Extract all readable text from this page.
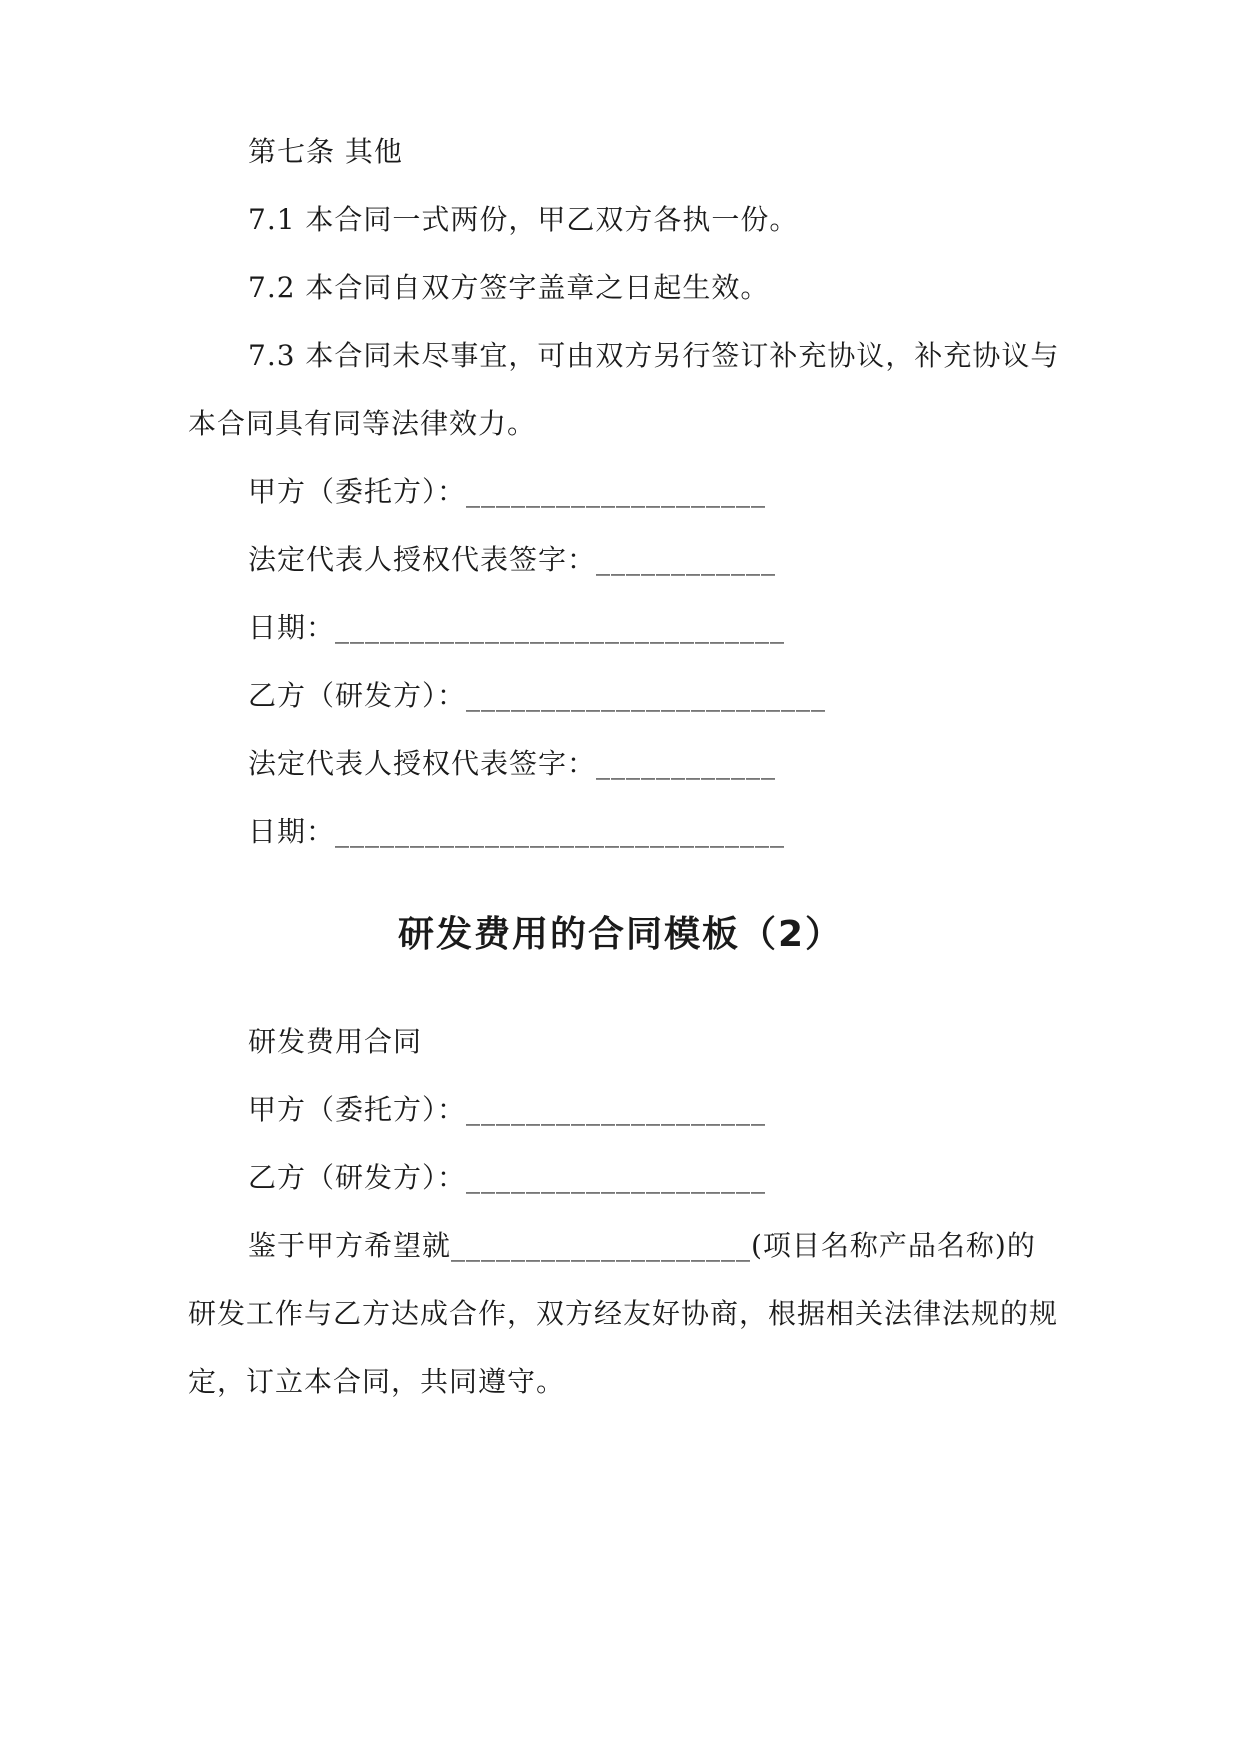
第七条 其他
7.1 本合同一式两份，甲乙双方各执一份。
7.2 本合同自双方签字盖章之日起生效。
7.3 本合同未尽事宜，可由双方另行签订补充协议，补充协议与
本合同具有同等法律效力。
甲方（委托方）：____________________
法定代表人授权代表签字：____________
日期：______________________________
乙方（研发方）：________________________
法定代表人授权代表签字：____________
日期：______________________________
研发费用的合同模板（2）
研发费用合同
甲方（委托方）：____________________
乙方（研发方）：____________________
鉴于甲方希望就____________________(项目名称产品名称)的
研发工作与乙方达成合作，双方经友好协商，根据相关法律法规的规
定，订立本合同，共同遵守。
